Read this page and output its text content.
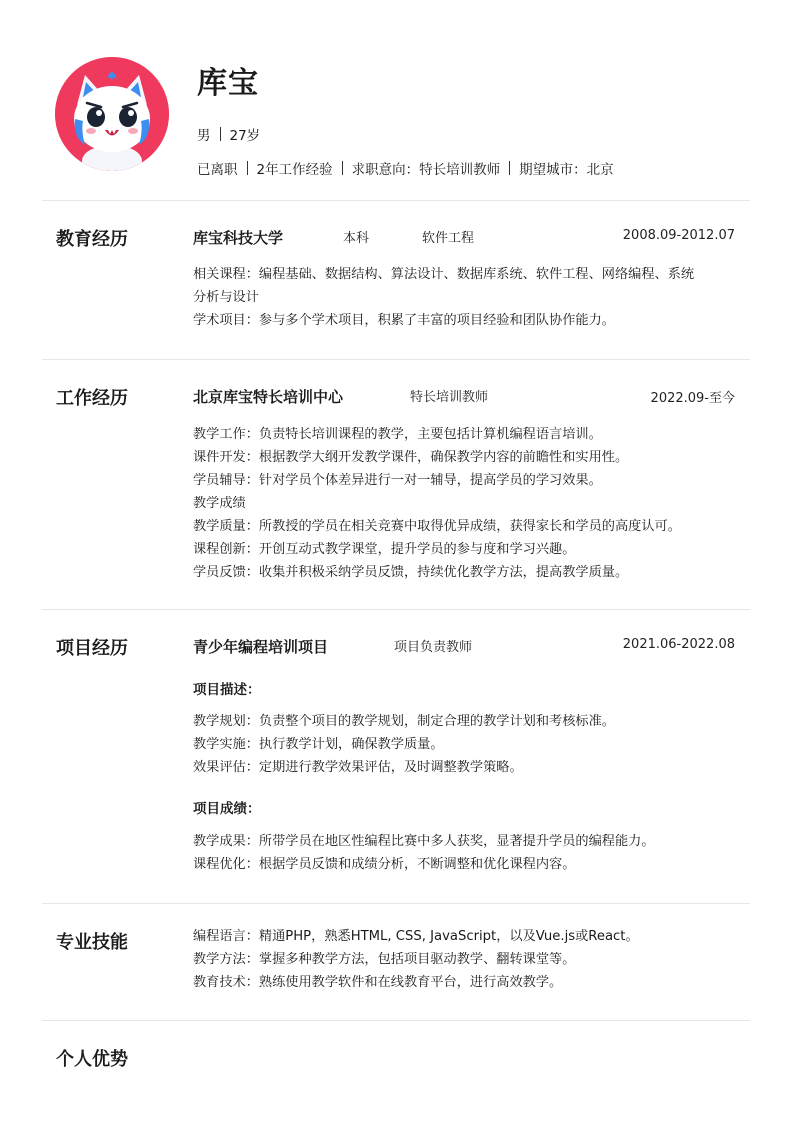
库宝
男 27岁
已离职 2年工作经验 求职意向：特长培训教师 期望城市：北京
教育经历	库宝科技大学	本科	软件工程	2008.09-2012.07
相关课程：编程基础、数据结构、算法设计、数据库系统、软件工程、网络编程、系统
分析与设计
学术项目：参与多个学术项目，积累了丰富的项目经验和团队协作能力。
工作经历	北京库宝特长培训中心	特长培训教师	2022.09-至今
教学工作：负责特长培训课程的教学，主要包括计算机编程语言培训。
课件开发：根据教学大纲开发教学课件，确保教学内容的前瞻性和实用性。
学员辅导：针对学员个体差异进行一对一辅导，提高学员的学习效果。
教学成绩
教学质量：所教授的学员在相关竞赛中取得优异成绩，获得家长和学员的高度认可。
课程创新：开创互动式教学课堂，提升学员的参与度和学习兴趣。
学员反馈：收集并积极采纳学员反馈，持续优化教学方法，提高教学质量。
项目经历	青少年编程培训项目	项目负责教师	2021.06-2022.08
项目描述：
教学规划：负责整个项目的教学规划，制定合理的教学计划和考核标准。
教学实施：执行教学计划，确保教学质量。
效果评估：定期进行教学效果评估，及时调整教学策略。
项目成绩：
教学成果：所带学员在地区性编程比赛中多人获奖，显著提升学员的编程能力。
课程优化：根据学员反馈和成绩分析，不断调整和优化课程内容。
专业技能	编程语言：精通PHP，熟悉HTML, CSS, JavaScript，以及Vue.js或React。
教学方法：掌握多种教学方法，包括项目驱动教学、翻转课堂等。
教育技术：熟练使用教学软件和在线教育平台，进行高效教学。
个人优势
